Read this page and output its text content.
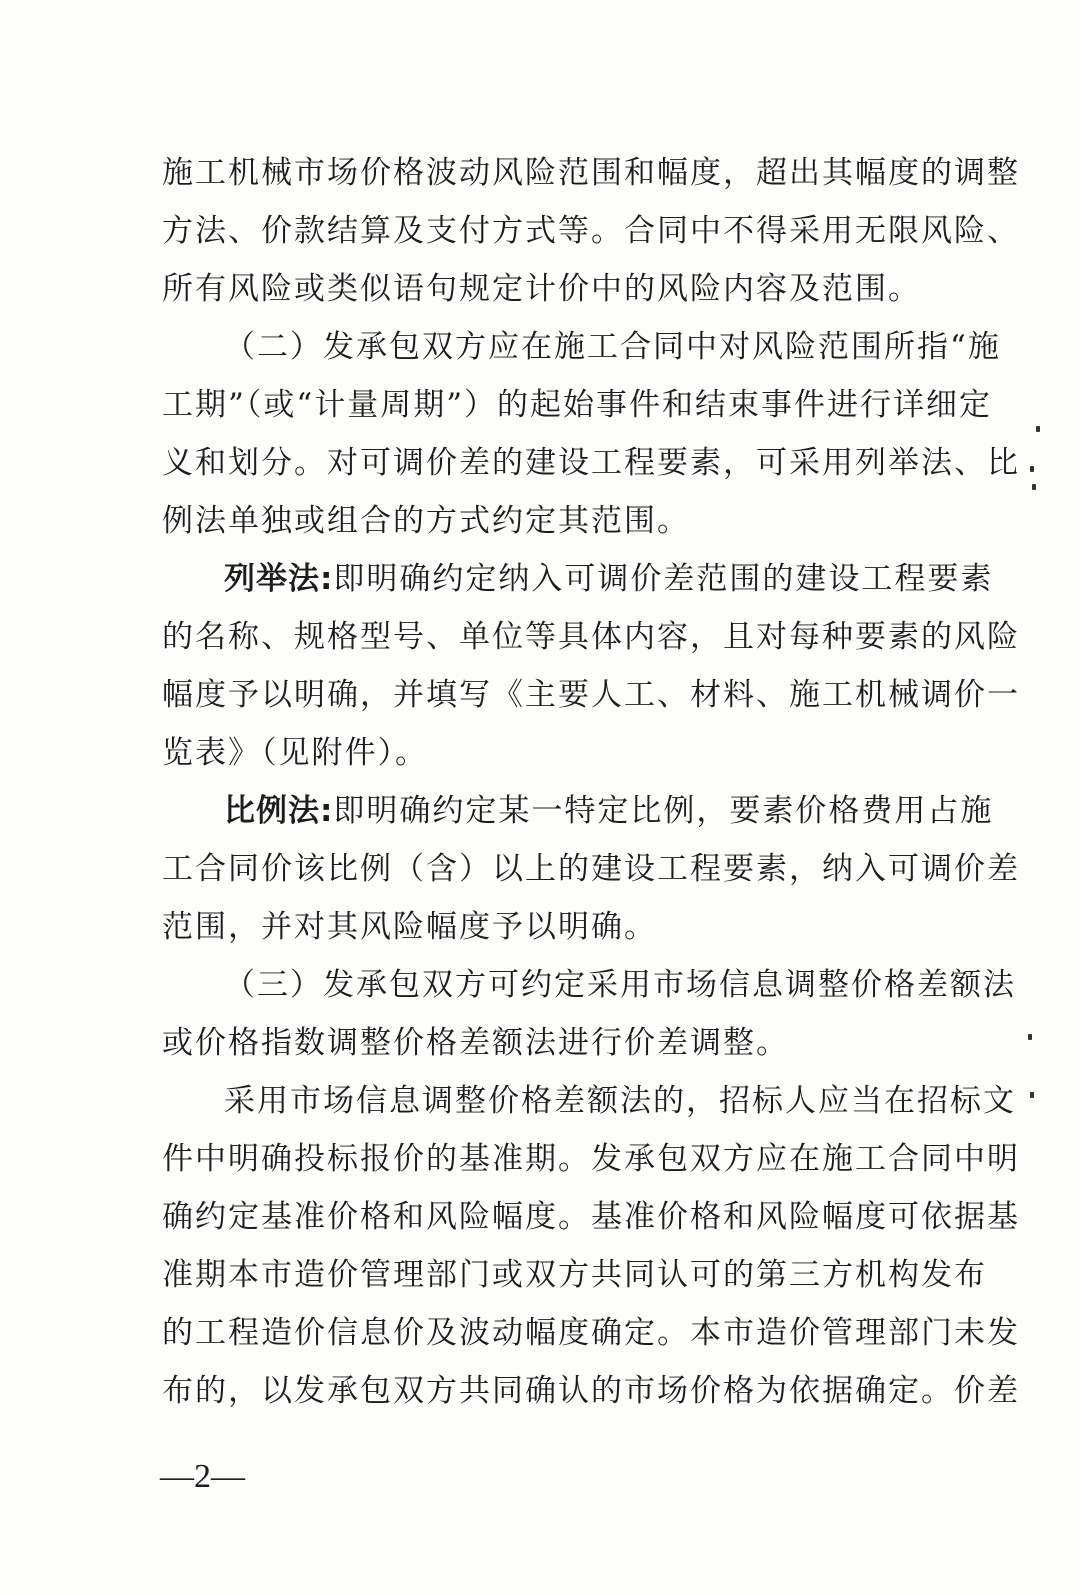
施工机械市场价格波动风险范围和幅度，超出其幅度的调整
方法、价款结算及支付方式等。合同中不得采用无限风险、
所有风险或类似语句规定计价中的风险内容及范围。
（二）发承包双方应在施工合同中对风险范围所指“施
工期”（或“计量周期”）的起始事件和结束事件进行详细定
义和划分。对可调价差的建设工程要素，可采用列举法、比
例法单独或组合的方式约定其范围。
列举法:即明确约定纳入可调价差范围的建设工程要素
的名称、规格型号、单位等具体内容，且对每种要素的风险
幅度予以明确，并填写《主要人工、材料、施工机械调价一
览表》（见附件）。
比例法:即明确约定某一特定比例，要素价格费用占施
工合同价该比例（含）以上的建设工程要素，纳入可调价差
范围，并对其风险幅度予以明确。
（三）发承包双方可约定采用市场信息调整价格差额法
或价格指数调整价格差额法进行价差调整。
采用市场信息调整价格差额法的，招标人应当在招标文
件中明确投标报价的基准期。发承包双方应在施工合同中明
确约定基准价格和风险幅度。基准价格和风险幅度可依据基
准期本市造价管理部门或双方共同认可的第三方机构发布
的工程造价信息价及波动幅度确定。本市造价管理部门未发
布的，以发承包双方共同确认的市场价格为依据确定。价差
—2—
